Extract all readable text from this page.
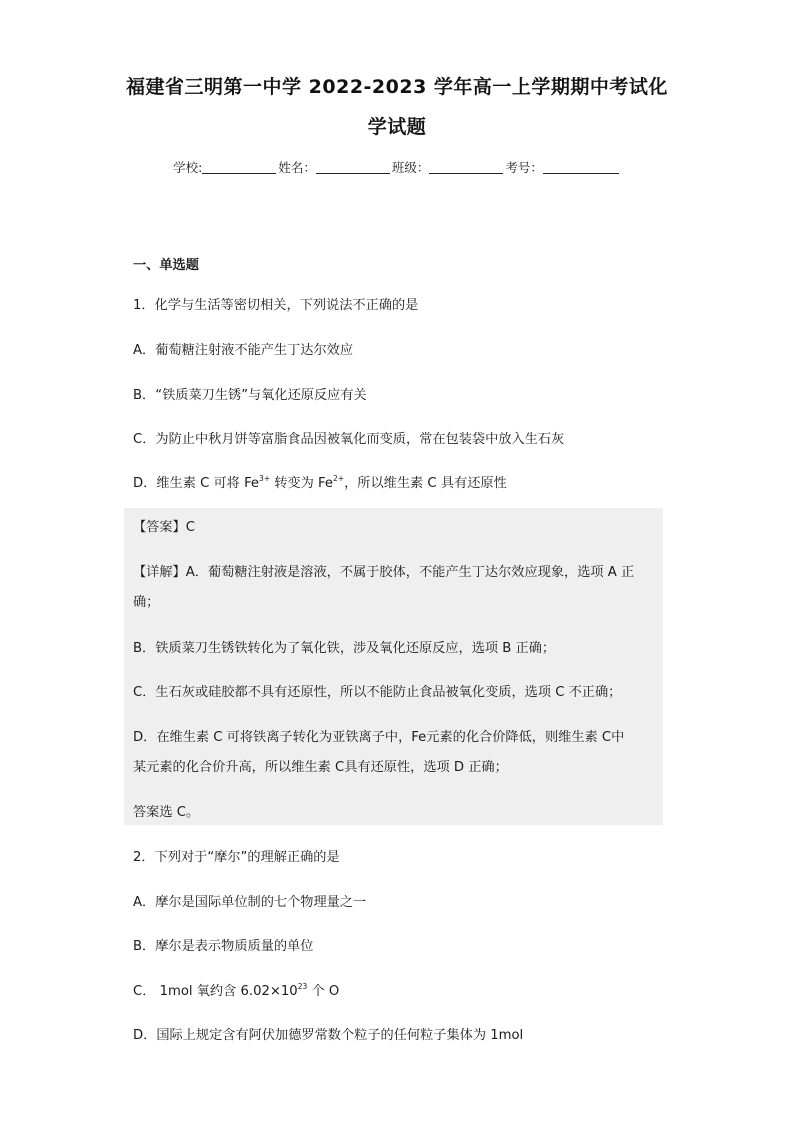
福建省三明第一中学 2022-2023 学年高一上学期期中考试化
学试题
学校:	姓名：	班级：	考号：
一、单选题
1．化学与生活等密切相关，下列说法不正确的是
A．葡萄糖注射液不能产生丁达尔效应
B．“铁质菜刀生锈”与氧化还原反应有关
C．为防止中秋月饼等富脂食品因被氧化而变质，常在包装袋中放入生石灰
D．维生素 C 可将 $Fe^{3+}$ 转变为 $Fe^{2+}$，所以维生素 C 具有还原性
【答案】C
【详解】A．葡萄糖注射液是溶液，不属于胶体，不能产生丁达尔效应现象，选项 A 正
确；
B．铁质菜刀生锈铁转化为了氧化铁，涉及氧化还原反应，选项 B 正确；
C．生石灰或硅胶都不具有还原性，所以不能防止食品被氧化变质，选项 C 不正确；
D．在维生素 C 可将铁离子转化为亚铁离子中，Fe元素的化合价降低，则维生素 C中
某元素的化合价升高，所以维生素 C具有还原性，选项 D 正确；
答案选 C。
2．下列对于“摩尔”的理解正确的是
A．摩尔是国际单位制的七个物理量之一
B．摩尔是表示物质质量的单位
C． 1mol 氧约含 $6.02\times 10^{23}$ 个 O
D．国际上规定含有阿伏加德罗常数个粒子的任何粒子集体为 1mol
